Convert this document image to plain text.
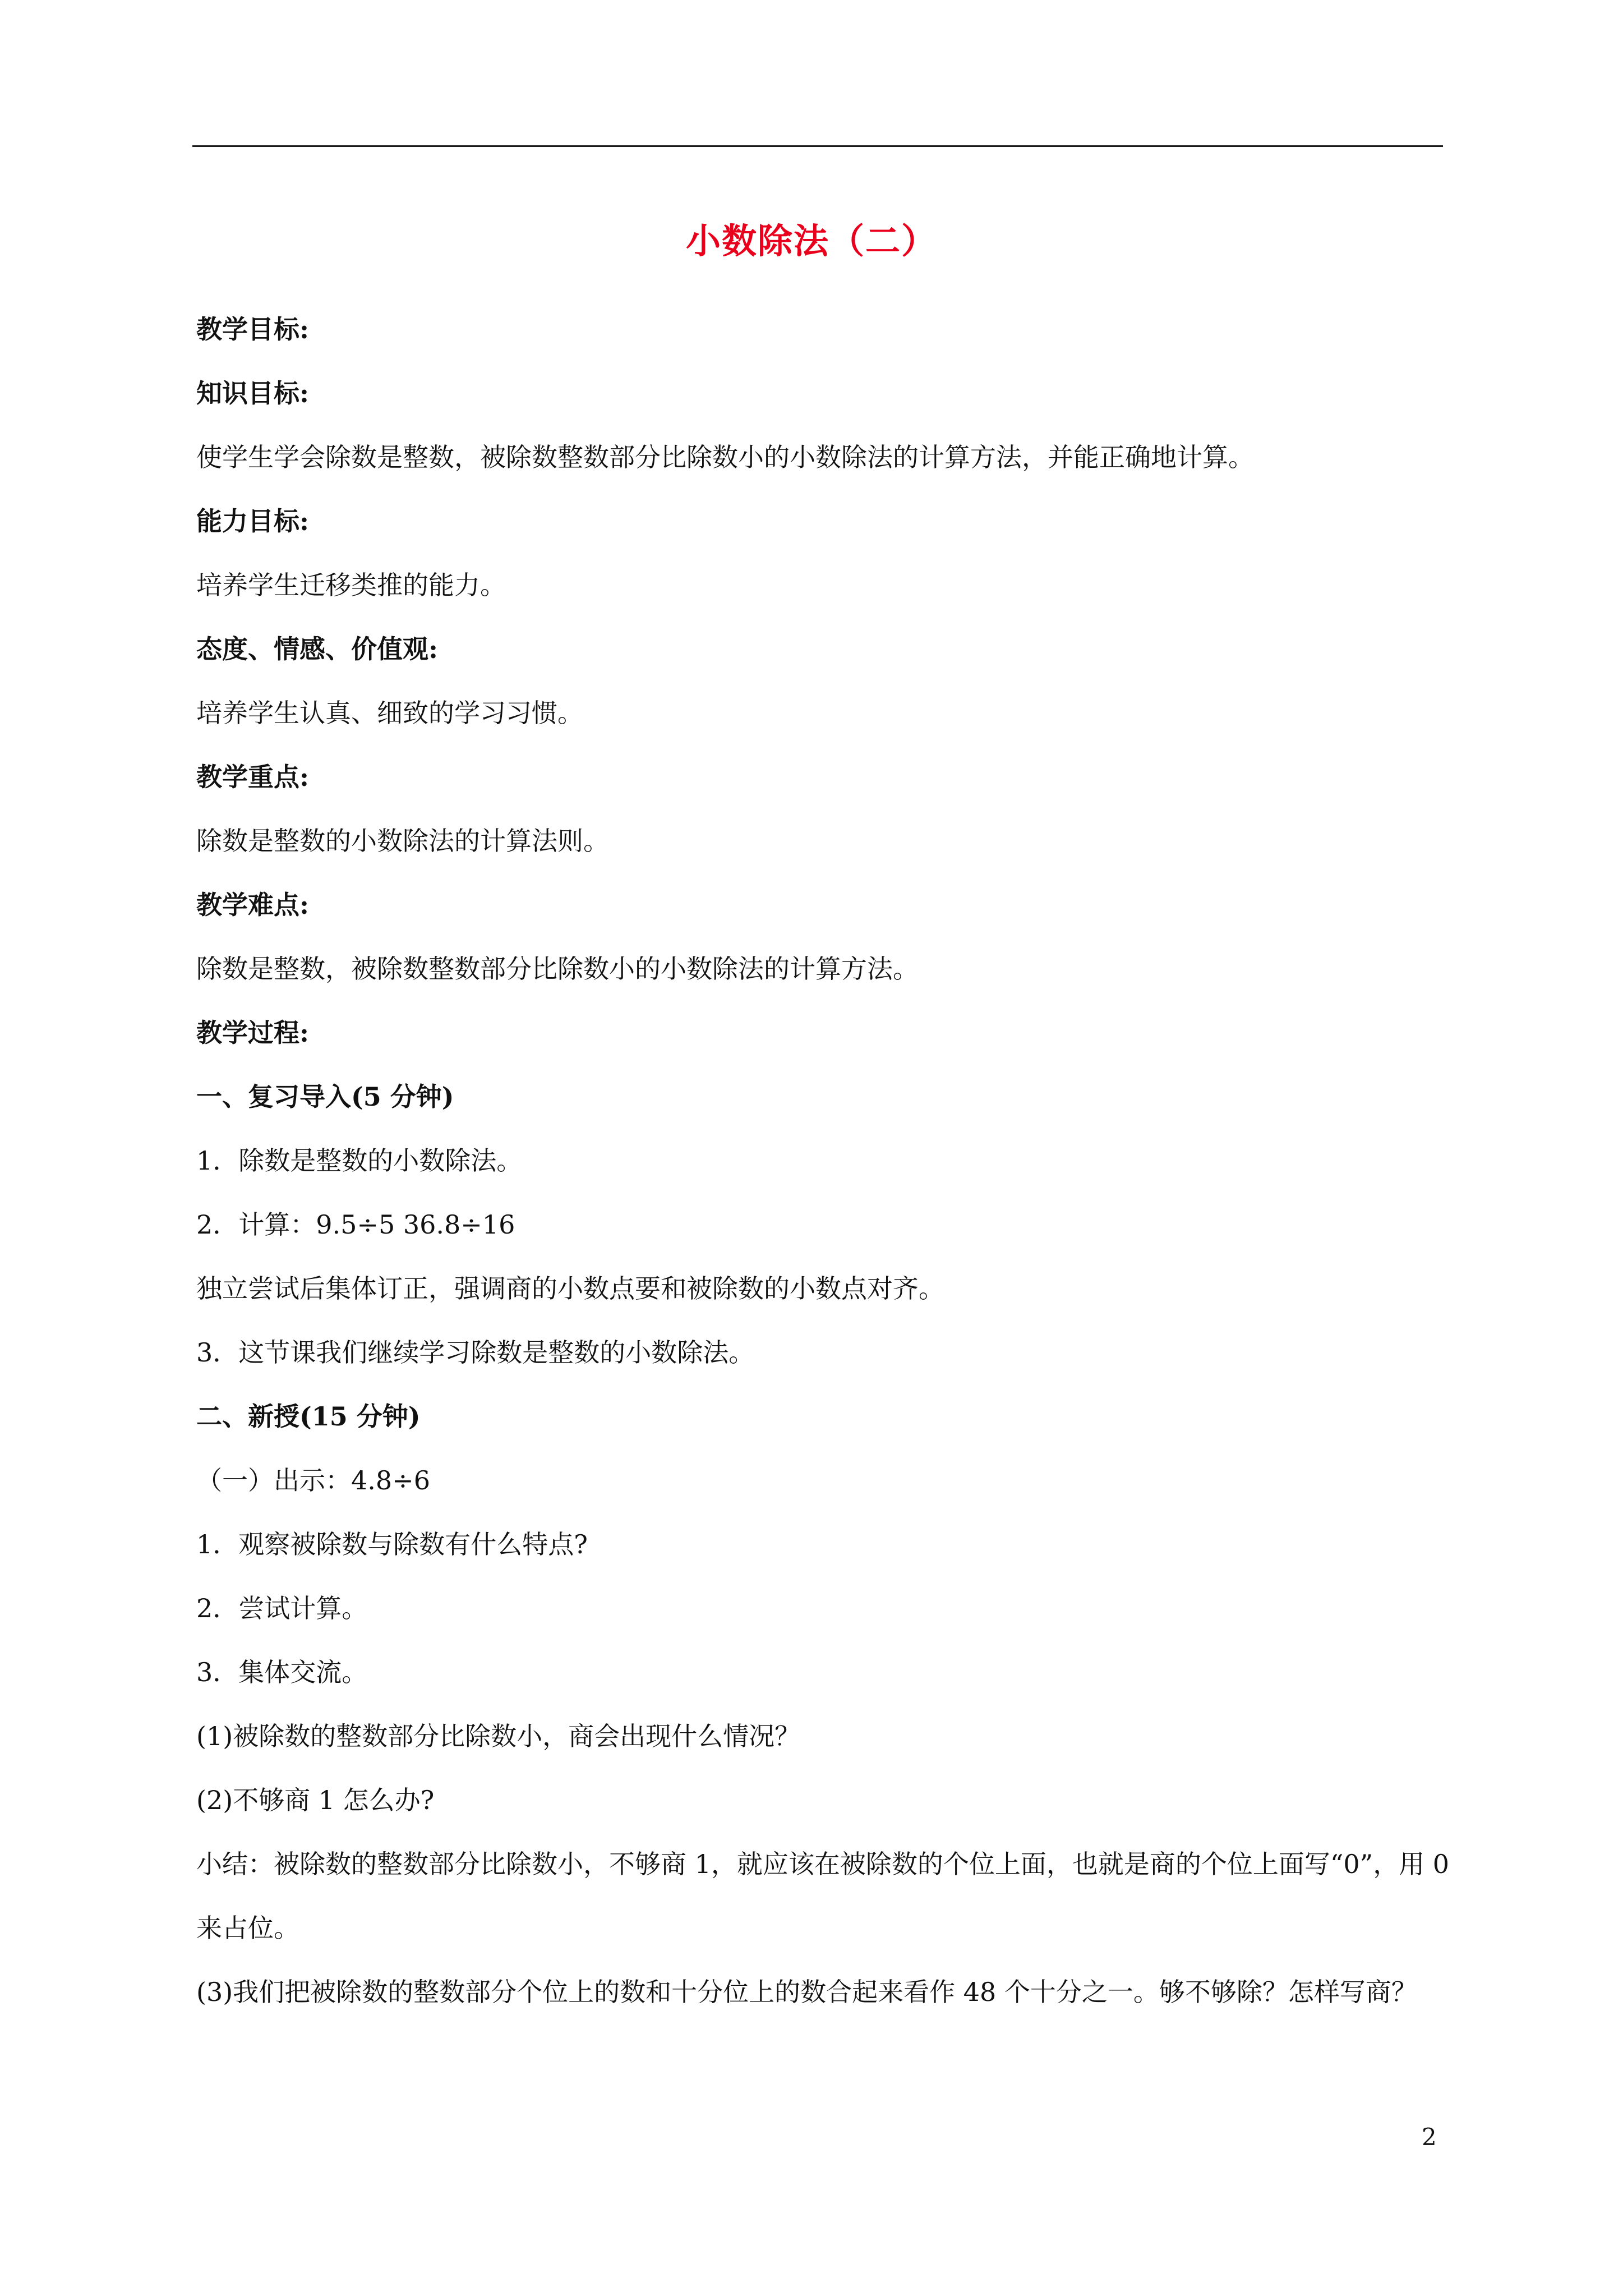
小数除法（二）
教学目标:
知识目标:
使学生学会除数是整数，被除数整数部分比除数小的小数除法的计算方法，并能正确地计算。
能力目标:
培养学生迁移类推的能力。
态度、情感、价值观:
培养学生认真、细致的学习习惯。
教学重点:
除数是整数的小数除法的计算法则。
教学难点:
除数是整数，被除数整数部分比除数小的小数除法的计算方法。
教学过程:
一、复习导入(5 分钟)
1．除数是整数的小数除法。
2．计算：9.5÷5 36.8÷16
独立尝试后集体订正，强调商的小数点要和被除数的小数点对齐。
3．这节课我们继续学习除数是整数的小数除法。
二、新授(15 分钟)
（一）出示：4.8÷6
1．观察被除数与除数有什么特点?
2．尝试计算。
3．集体交流。
(1)被除数的整数部分比除数小，商会出现什么情况？
(2)不够商 1 怎么办?
小结：被除数的整数部分比除数小，不够商 1，就应该在被除数的个位上面，也就是商的个位上面写“0”，用 0 来占位。
(3)我们把被除数的整数部分个位上的数和十分位上的数合起来看作 48 个十分之一。够不够除？怎样写商？
2
